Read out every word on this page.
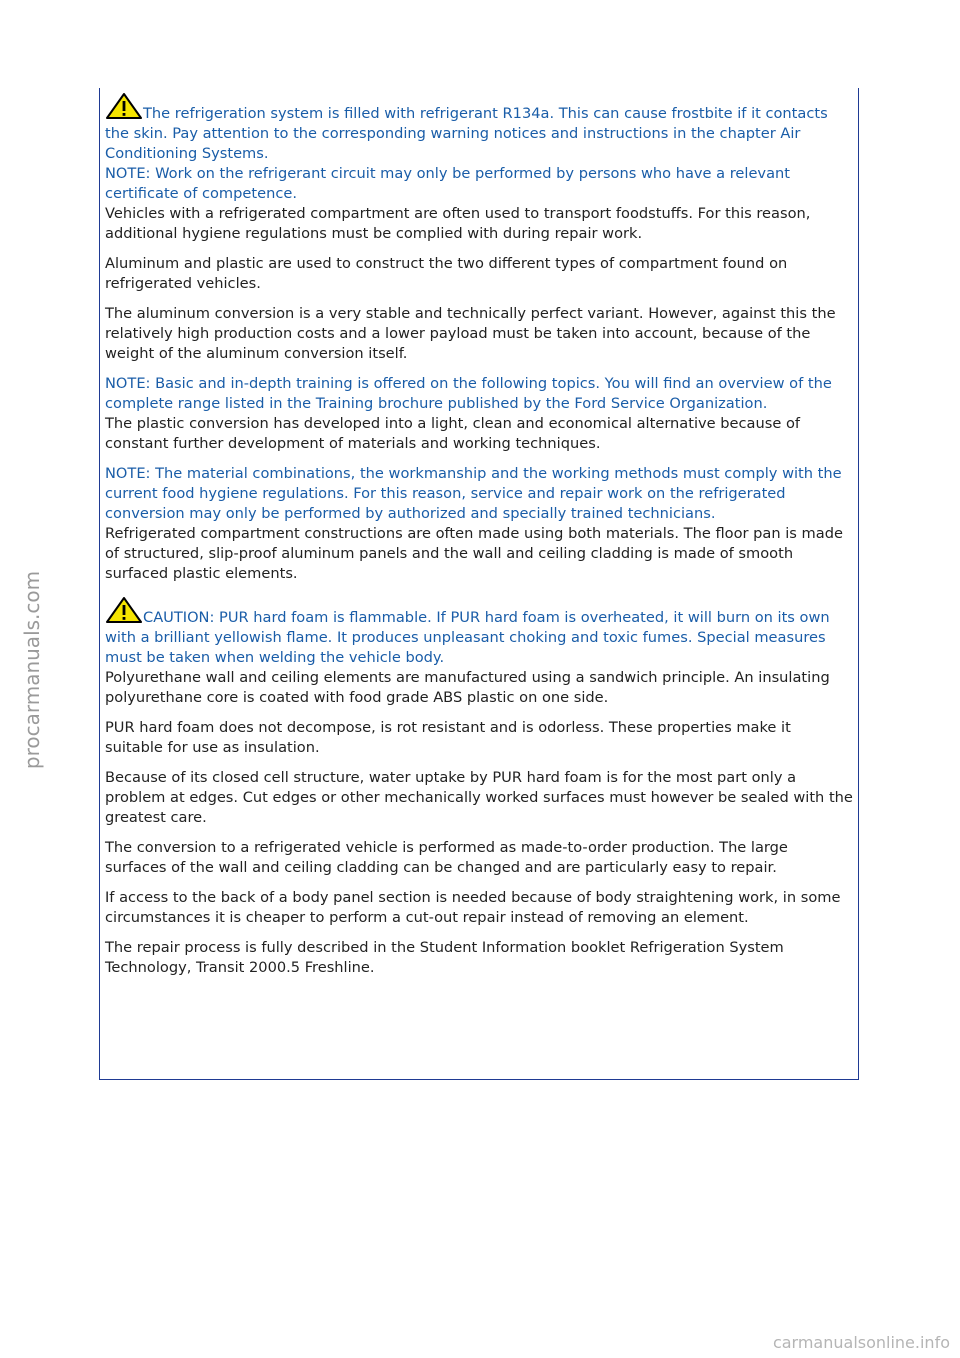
procarmanuals.com

The refrigeration system is filled with refrigerant R134a. This can cause frostbite if it contacts the skin. Pay attention to the corresponding warning notices and instructions in the chapter Air Conditioning Systems.

NOTE: Work on the refrigerant circuit may only be performed by persons who have a relevant certificate of competence.

Vehicles with a refrigerated compartment are often used to transport foodstuffs. For this reason, additional hygiene regulations must be complied with during repair work.

Aluminum and plastic are used to construct the two different types of compartment found on refrigerated vehicles.

The aluminum conversion is a very stable and technically perfect variant. However, against this the relatively high production costs and a lower payload must be taken into account, because of the weight of the aluminum conversion itself.

NOTE: Basic and in-depth training is offered on the following topics. You will find an overview of the complete range listed in the Training brochure published by the Ford Service Organization.

The plastic conversion has developed into a light, clean and economical alternative because of constant further development of materials and working techniques.

NOTE: The material combinations, the workmanship and the working methods must comply with the current food hygiene regulations. For this reason, service and repair work on the refrigerated conversion may only be performed by authorized and specially trained technicians.

Refrigerated compartment constructions are often made using both materials. The floor pan is made of structured, slip-proof aluminum panels and the wall and ceiling cladding is made of smooth surfaced plastic elements.

CAUTION: PUR hard foam is flammable. If PUR hard foam is overheated, it will burn on its own with a brilliant yellowish flame. It produces unpleasant choking and toxic fumes. Special measures must be taken when welding the vehicle body.

Polyurethane wall and ceiling elements are manufactured using a sandwich principle. An insulating polyurethane core is coated with food grade ABS plastic on one side.

PUR hard foam does not decompose, is rot resistant and is odorless. These properties make it suitable for use as insulation.

Because of its closed cell structure, water uptake by PUR hard foam is for the most part only a problem at edges. Cut edges or other mechanically worked surfaces must however be sealed with the greatest care.

The conversion to a refrigerated vehicle is performed as made-to-order production. The large surfaces of the wall and ceiling cladding can be changed and are particularly easy to repair.

If access to the back of a body panel section is needed because of body straightening work, in some circumstances it is cheaper to perform a cut-out repair instead of removing an element.

The repair process is fully described in the Student Information booklet Refrigeration System Technology, Transit 2000.5 Freshline.

carmanualsonline.info
